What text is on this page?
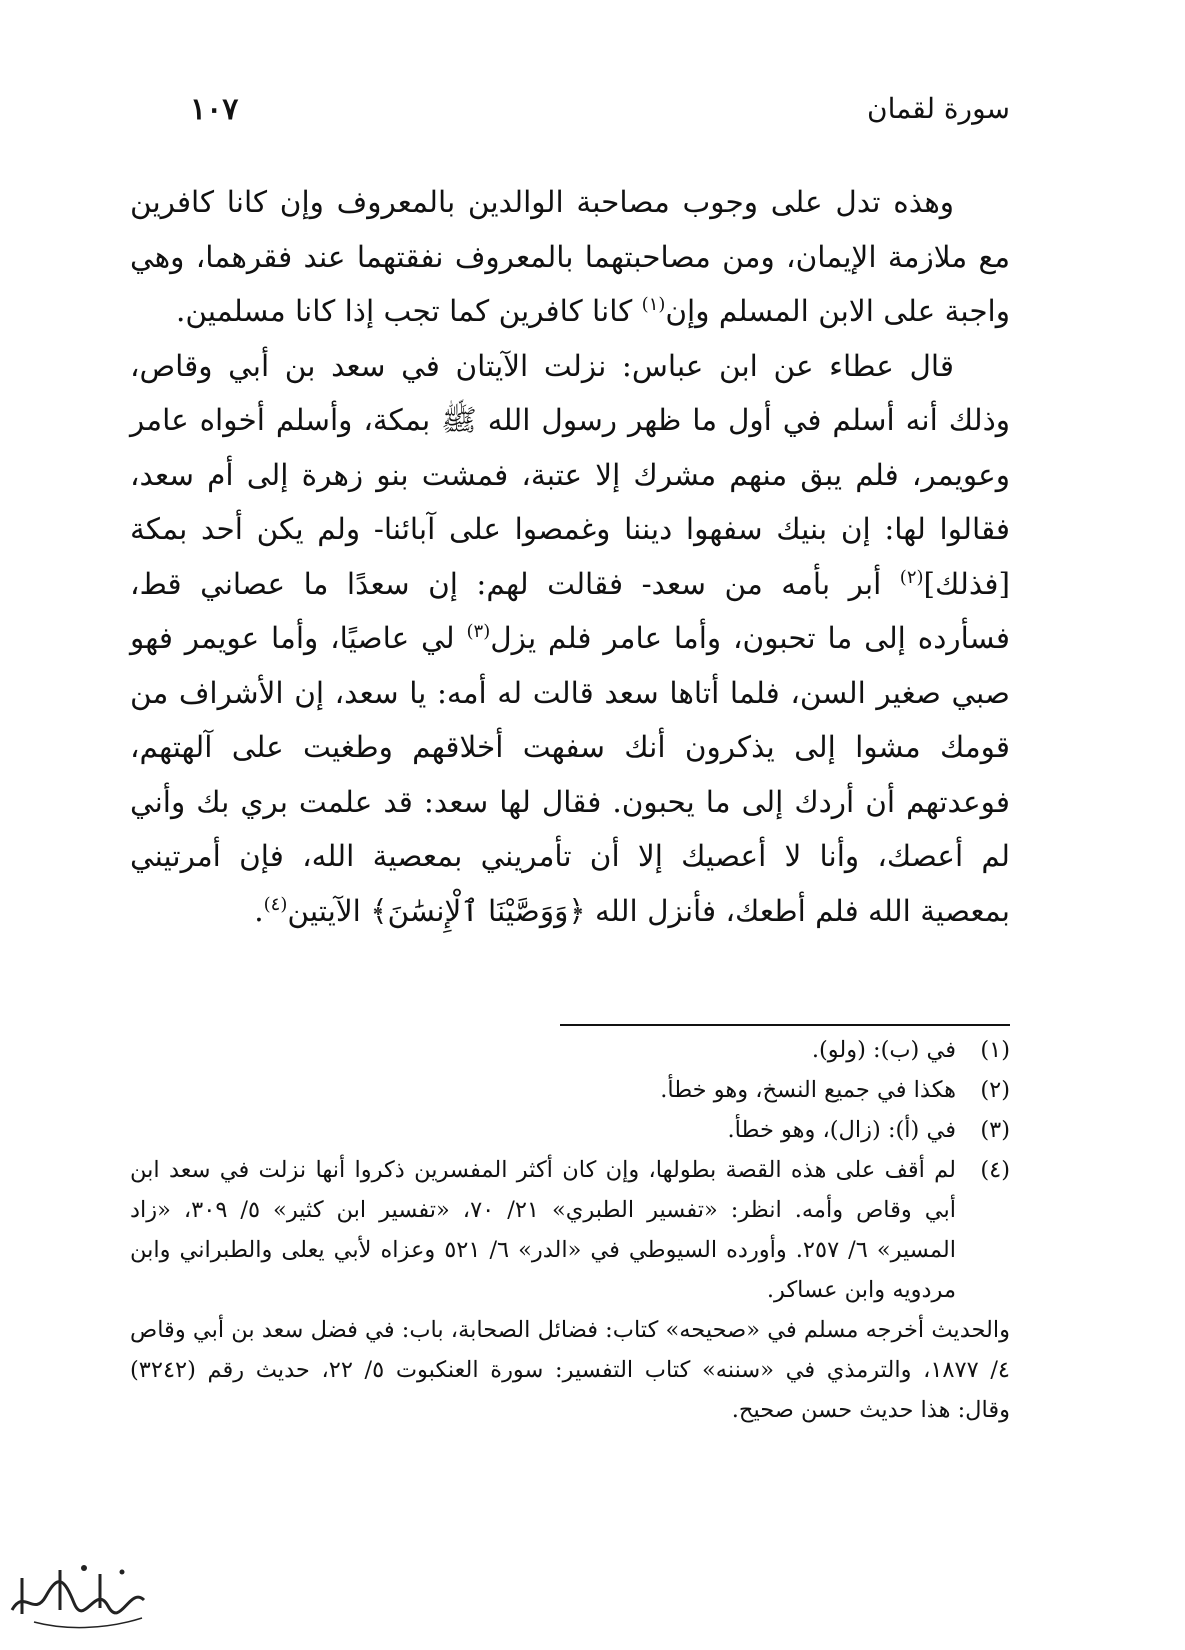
سورة لقمان
١٠٧

وهذه تدل على وجوب مصاحبة الوالدين بالمعروف وإن كانا كافرين مع ملازمة الإيمان، ومن مصاحبتهما بالمعروف نفقتهما عند فقرهما، وهي واجبة على الابن المسلم وإن$^{(١)}$ كانا كافرين كما تجب إذا كانا مسلمين.

قال عطاء عن ابن عباس: نزلت الآيتان في سعد بن أبي وقاص، وذلك أنه أسلم في أول ما ظهر رسول الله ﷺ بمكة، وأسلم أخواه عامر وعويمر، فلم يبق منهم مشرك إلا عتبة، فمشت بنو زهرة إلى أم سعد، فقالوا لها: إن بنيك سفهوا ديننا وغمصوا على آبائنا- ولم يكن أحد بمكة [فذلك]$^{(٢)}$ أبر بأمه من سعد- فقالت لهم: إن سعدًا ما عصاني قط، فسأرده إلى ما تحبون، وأما عامر فلم يزل$^{(٣)}$ لي عاصيًا، وأما عويمر فهو صبي صغير السن، فلما أتاها سعد قالت له أمه: يا سعد، إن الأشراف من قومك مشوا إلى يذكرون أنك سفهت أخلاقهم وطغيت على آلهتهم، فوعدتهم أن أردك إلى ما يحبون. فقال لها سعد: قد علمت بري بك وأني لم أعصك، وأنا لا أعصيك إلا أن تأمريني بمعصية الله، فإن أمرتيني بمعصية الله فلم أطعك، فأنزل الله ﴿وَوَصَّيْنَا ٱلْإِنسَٰنَ﴾ الآيتين$^{(٤)}$.

(١)
في (ب): (ولو).
(٢)
هكذا في جميع النسخ، وهو خطأ.
(٣)
في (أ): (زال)، وهو خطأ.
(٤)
لم أقف على هذه القصة بطولها، وإن كان أكثر المفسرين ذكروا أنها نزلت في سعد ابن أبي وقاص وأمه. انظر: «تفسير الطبري» ٢١/ ٧٠، «تفسير ابن كثير» ٥/ ٣٠٩، «زاد المسير» ٦/ ٢٥٧. وأورده السيوطي في «الدر» ٦/ ٥٢١ وعزاه لأبي يعلى والطبراني وابن مردويه وابن عساكر.
والحديث أخرجه مسلم في «صحيحه» كتاب: فضائل الصحابة، باب: في فضل سعد بن أبي وقاص ٤/ ١٨٧٧، والترمذي في «سننه» كتاب التفسير: سورة العنكبوت ٥/ ٢٢، حديث رقم (٣٢٤٢) وقال: هذا حديث حسن صحيح.
